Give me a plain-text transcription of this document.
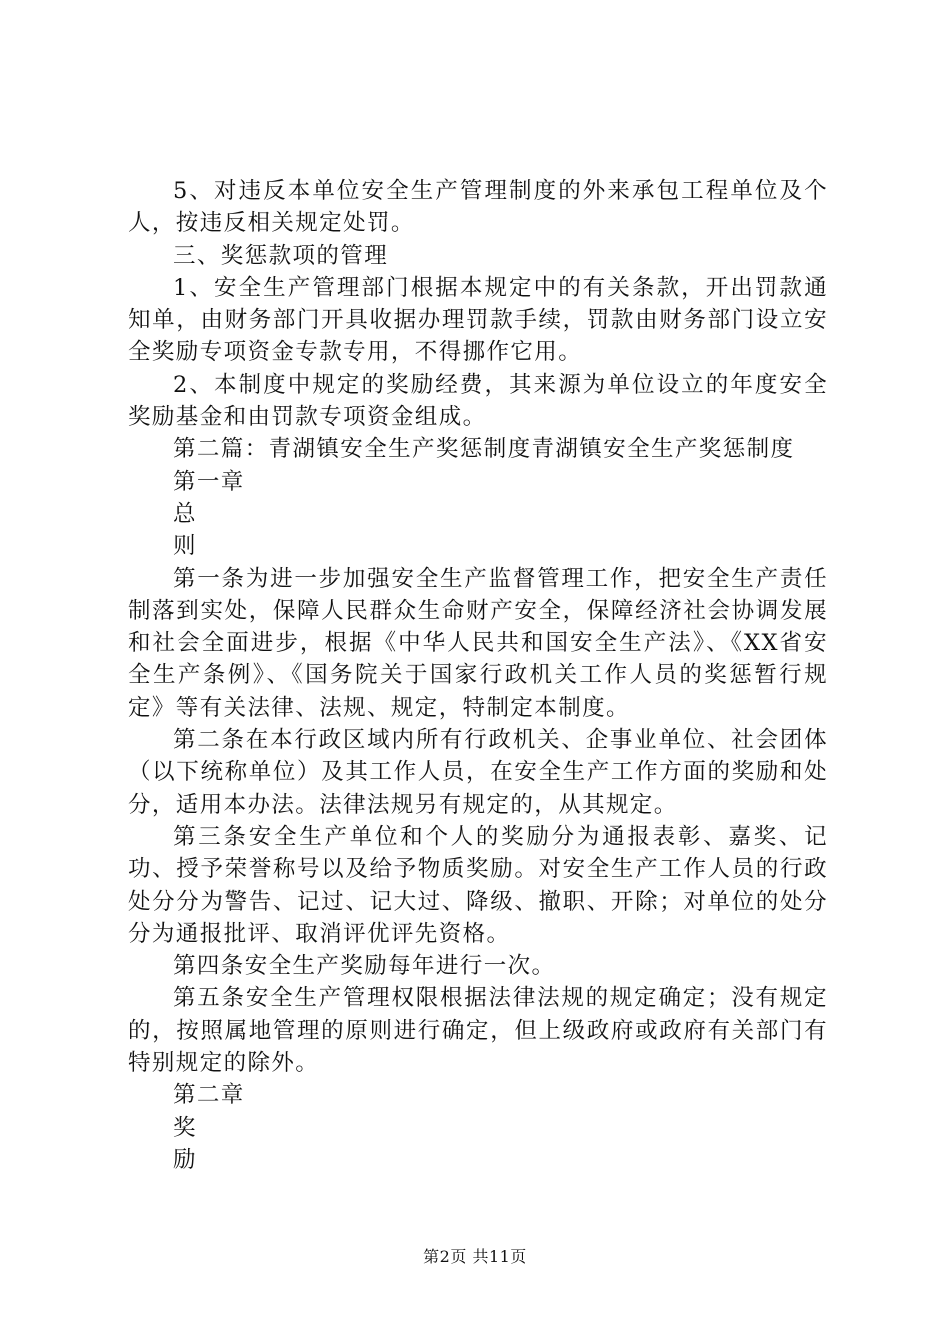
5、对违反本单位安全生产管理制度的外来承包工程单位及个人，按违反相关规定处罚。

三、奖惩款项的管理

1、安全生产管理部门根据本规定中的有关条款，开出罚款通知单，由财务部门开具收据办理罚款手续，罚款由财务部门设立安全奖励专项资金专款专用，不得挪作它用。

2、本制度中规定的奖励经费，其来源为单位设立的年度安全奖励基金和由罚款专项资金组成。

第二篇：青湖镇安全生产奖惩制度青湖镇安全生产奖惩制度

第一章

总

则

第一条为进一步加强安全生产监督管理工作，把安全生产责任制落到实处，保障人民群众生命财产安全，保障经济社会协调发展和社会全面进步，根据《中华人民共和国安全生产法》、《XX省安全生产条例》、《国务院关于国家行政机关工作人员的奖惩暂行规定》等有关法律、法规、规定，特制定本制度。

第二条在本行政区域内所有行政机关、企事业单位、社会团体（以下统称单位）及其工作人员，在安全生产工作方面的奖励和处分，适用本办法。法律法规另有规定的，从其规定。

第三条安全生产单位和个人的奖励分为通报表彰、嘉奖、记功、授予荣誉称号以及给予物质奖励。对安全生产工作人员的行政处分分为警告、记过、记大过、降级、撤职、开除；对单位的处分分为通报批评、取消评优评先资格。

第四条安全生产奖励每年进行一次。

第五条安全生产管理权限根据法律法规的规定确定；没有规定的，按照属地管理的原则进行确定，但上级政府或政府有关部门有特别规定的除外。

第二章

奖

励

第2页 共11页
